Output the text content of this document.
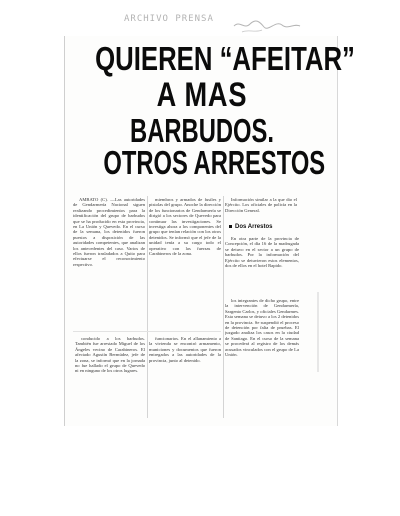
ARCHIVO PRENSA
QUIEREN “AFEITAR”
A MAS
BARBUDOS.
OTROS ARRESTOS

AMBATO (C). —Las autoridades de Gendarmería Nacional siguen realizando procedimientos para la identificación del grupo de barbudos que se ha producido en esta provincia, en La Unión y Quevedo. En el curso de la semana, los detenidos fueron puestos a disposición de las autoridades competentes, que analizan los antecedentes del caso. Varios de ellos fueron trasladados a Quito para efectuarse el reconocimiento respectivo.

miembros y armados de fusiles y pistolas del grupo. Anoche la dirección de los funcionarios de Gendarmería se dirigió a los sectores de Quevedo para continuar las investigaciones. Se investiga ahora a los componentes del grupo que tenían relación con los otros detenidos. Se informó que el jefe de la unidad tenía a su cargo todo el operativo con las fuerzas de Carabineros de la zona.

Información similar a la que dio el Ejército. Los oficiales de policía en la Dirección General.

Dos Arrestos

En otra parte de la provincia de Concepción, el día 16 de la madrugada se detuvo en el sector a un grupo de barbudos. Por la información del Ejército se detuvieron estos elementos, dos de ellos en el hotel Rapido.

los integrantes de dicho grupo, entre la intervención de Gendarmería, Sargento Carlos, y oficiales Gendarmes. Esta semana se detuvo a los 2 detenidos en la provincia. Se suspendió el proceso de detención por falta de pruebas. El juzgado analiza los casos en la ciudad de Santiago. En el curso de la semana se procederá al registro de los demás acusados vinculados con el grupo de La Unión.

conducido a los barbudos. También fue arrestado Miguel de los Ángeles vecino de Carabineros. El afectado Agustín Bermúdez, jefe de la zona, se informó que en la jornada no fue hallado el grupo de Quevedo ni en ninguno de los otros lugares.

funcionarios. En el allanamiento a la vivienda se encontró armamento, municiones y documentos que fueron entregados a las autoridades de la provincia, junto al detenido.
